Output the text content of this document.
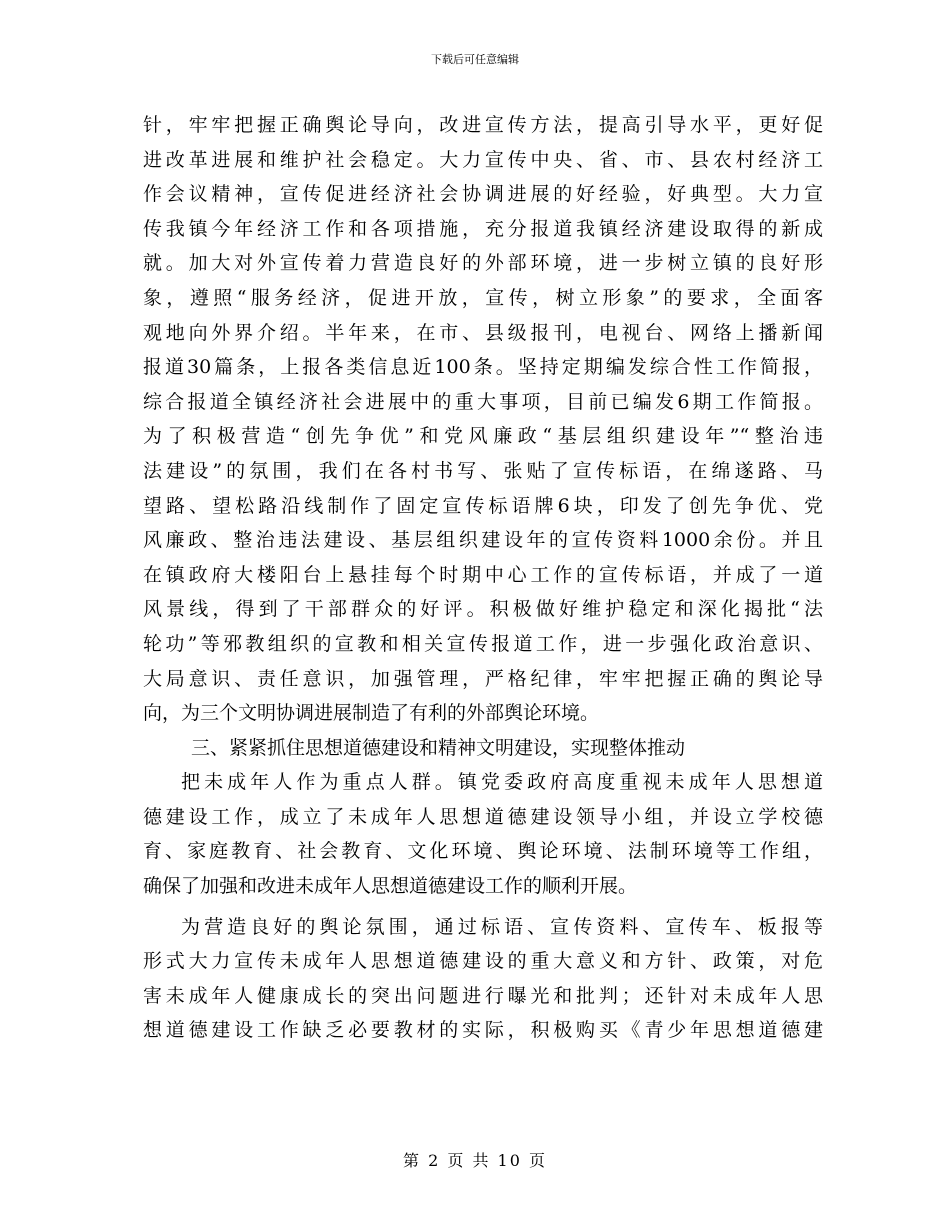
下载后可任意编辑
针，牢牢把握正确舆论导向，改进宣传方法，提高引导水平，更好促
进改革进展和维护社会稳定。大力宣传中央、省、市、县农村经济工
作会议精神，宣传促进经济社会协调进展的好经验，好典型。大力宣
传我镇今年经济工作和各项措施，充分报道我镇经济建设取得的新成
就。加大对外宣传着力营造良好的外部环境，进一步树立镇的良好形
象，遵照“服务经济，促进开放，宣传，树立形象”的要求，全面客
观地向外界介绍。半年来，在市、县级报刊，电视台、网络上播新闻
报道30篇条，上报各类信息近100条。坚持定期编发综合性工作简报，
综合报道全镇经济社会进展中的重大事项，目前已编发6期工作简报。
为了积极营造“创先争优”和党风廉政“基层组织建设年”“整治违
法建设”的氛围，我们在各村书写、张贴了宣传标语，在绵遂路、马
望路、望松路沿线制作了固定宣传标语牌6块，印发了创先争优、党
风廉政、整治违法建设、基层组织建设年的宣传资料1000余份。并且
在镇政府大楼阳台上悬挂每个时期中心工作的宣传标语，并成了一道
风景线，得到了干部群众的好评。积极做好维护稳定和深化揭批“法
轮功”等邪教组织的宣教和相关宣传报道工作，进一步强化政治意识、
大局意识、责任意识，加强管理，严格纪律，牢牢把握正确的舆论导
向，为三个文明协调进展制造了有利的外部舆论环境。
三、紧紧抓住思想道德建设和精神文明建设，实现整体推动
把未成年人作为重点人群。镇党委政府高度重视未成年人思想道
德建设工作，成立了未成年人思想道德建设领导小组，并设立学校德
育、家庭教育、社会教育、文化环境、舆论环境、法制环境等工作组，
确保了加强和改进未成年人思想道德建设工作的顺利开展。
为营造良好的舆论氛围，通过标语、宣传资料、宣传车、板报等
形式大力宣传未成年人思想道德建设的重大意义和方针、政策，对危
害未成年人健康成长的突出问题进行曝光和批判；还针对未成年人思
想道德建设工作缺乏必要教材的实际，积极购买《青少年思想道德建
第 2 页 共 10 页
